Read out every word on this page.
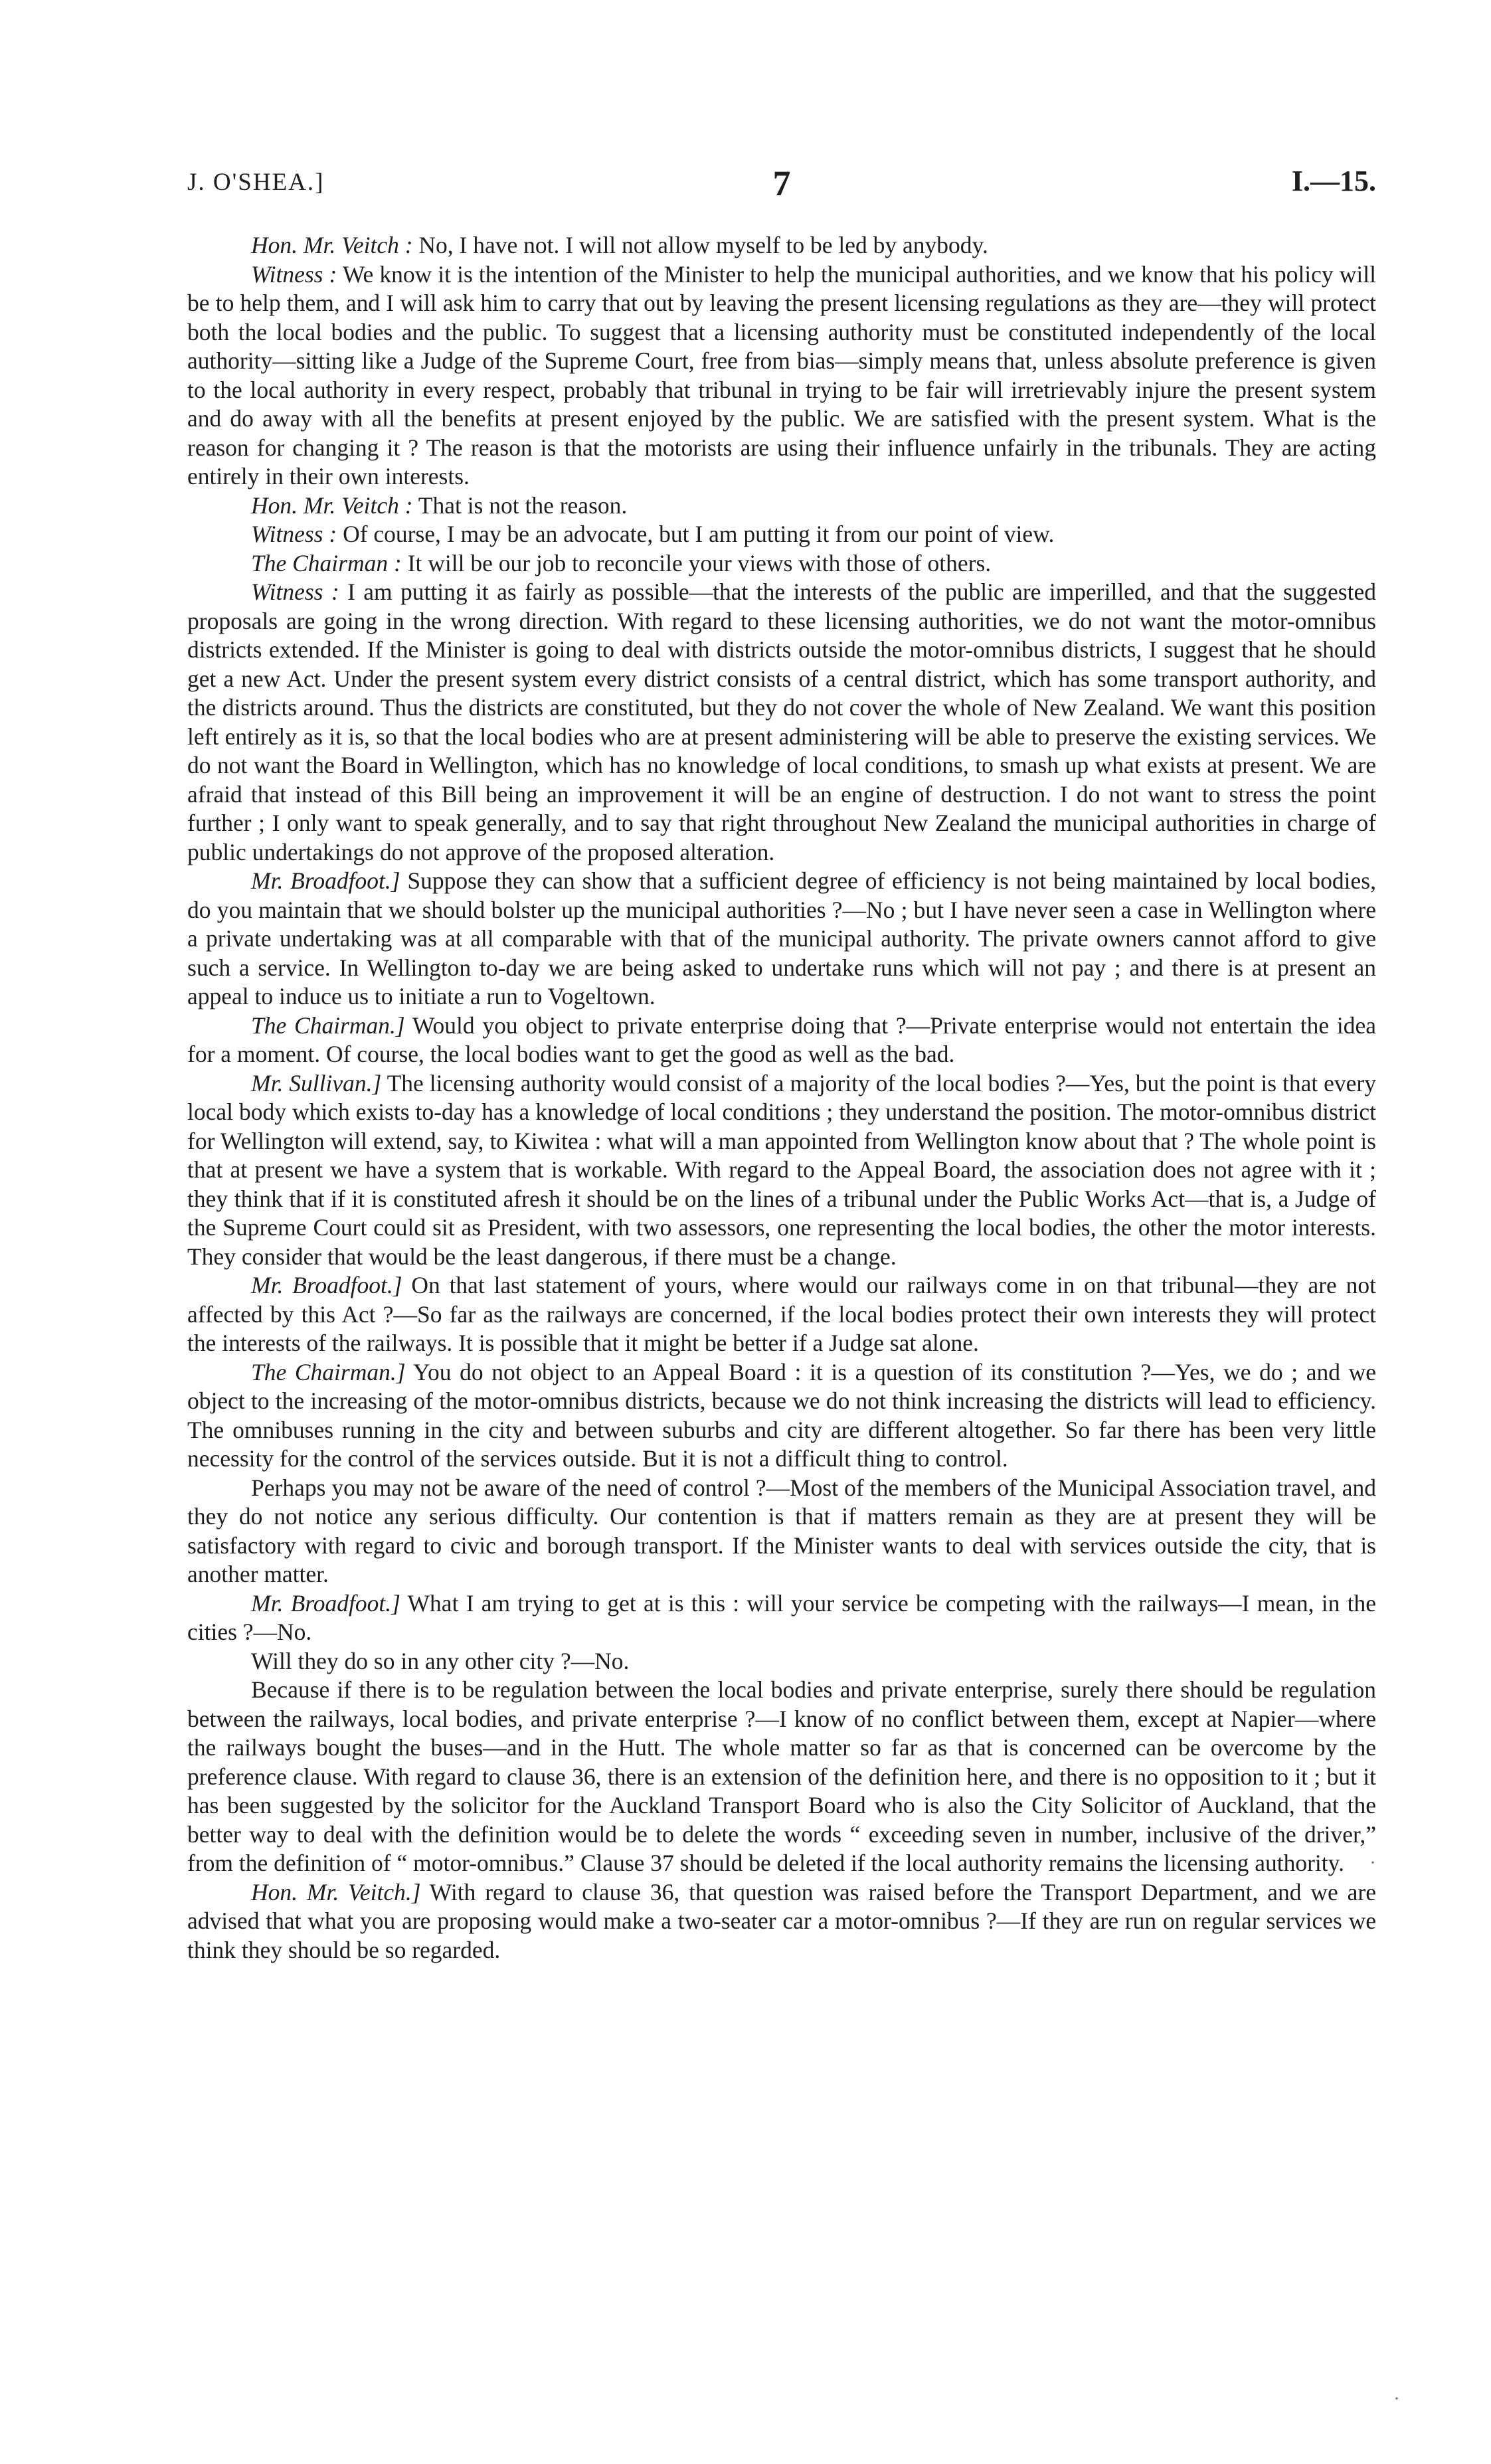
J. O'SHEA.]	7	I.—15.

Hon. Mr. Veitch : No, I have not. I will not allow myself to be led by anybody.

Witness : We know it is the intention of the Minister to help the municipal authorities, and we know that his policy will be to help them, and I will ask him to carry that out by leaving the present licensing regulations as they are—they will protect both the local bodies and the public. To suggest that a licensing authority must be constituted independently of the local authority—sitting like a Judge of the Supreme Court, free from bias—simply means that, unless absolute preference is given to the local authority in every respect, probably that tribunal in trying to be fair will irretrievably injure the present system and do away with all the benefits at present enjoyed by the public. We are satisfied with the present system. What is the reason for changing it ? The reason is that the motorists are using their influence unfairly in the tribunals. They are acting entirely in their own interests.

Hon. Mr. Veitch : That is not the reason.

Witness : Of course, I may be an advocate, but I am putting it from our point of view.

The Chairman : It will be our job to reconcile your views with those of others.

Witness : I am putting it as fairly as possible—that the interests of the public are imperilled, and that the suggested proposals are going in the wrong direction. With regard to these licensing authorities, we do not want the motor-omnibus districts extended. If the Minister is going to deal with districts outside the motor-omnibus districts, I suggest that he should get a new Act. Under the present system every district consists of a central district, which has some transport authority, and the districts around. Thus the districts are constituted, but they do not cover the whole of New Zealand. We want this position left entirely as it is, so that the local bodies who are at present administering will be able to preserve the existing services. We do not want the Board in Wellington, which has no knowledge of local conditions, to smash up what exists at present. We are afraid that instead of this Bill being an improvement it will be an engine of destruction. I do not want to stress the point further ; I only want to speak generally, and to say that right throughout New Zealand the municipal authorities in charge of public undertakings do not approve of the proposed alteration.

Mr. Broadfoot.] Suppose they can show that a sufficient degree of efficiency is not being maintained by local bodies, do you maintain that we should bolster up the municipal authorities ?—No ; but I have never seen a case in Wellington where a private undertaking was at all comparable with that of the municipal authority. The private owners cannot afford to give such a service. In Wellington to-day we are being asked to undertake runs which will not pay ; and there is at present an appeal to induce us to initiate a run to Vogeltown.

The Chairman.] Would you object to private enterprise doing that ?—Private enterprise would not entertain the idea for a moment. Of course, the local bodies want to get the good as well as the bad.

Mr. Sullivan.] The licensing authority would consist of a majority of the local bodies ?—Yes, but the point is that every local body which exists to-day has a knowledge of local conditions ; they understand the position. The motor-omnibus district for Wellington will extend, say, to Kiwitea : what will a man appointed from Wellington know about that ? The whole point is that at present we have a system that is workable. With regard to the Appeal Board, the association does not agree with it ; they think that if it is constituted afresh it should be on the lines of a tribunal under the Public Works Act—that is, a Judge of the Supreme Court could sit as President, with two assessors, one representing the local bodies, the other the motor interests. They consider that would be the least dangerous, if there must be a change.

Mr. Broadfoot.] On that last statement of yours, where would our railways come in on that tribunal—they are not affected by this Act ?—So far as the railways are concerned, if the local bodies protect their own interests they will protect the interests of the railways. It is possible that it might be better if a Judge sat alone.

The Chairman.] You do not object to an Appeal Board : it is a question of its constitution ?—Yes, we do ; and we object to the increasing of the motor-omnibus districts, because we do not think increasing the districts will lead to efficiency. The omnibuses running in the city and between suburbs and city are different altogether. So far there has been very little necessity for the control of the services outside. But it is not a difficult thing to control.

Perhaps you may not be aware of the need of control ?—Most of the members of the Municipal Association travel, and they do not notice any serious difficulty. Our contention is that if matters remain as they are at present they will be satisfactory with regard to civic and borough transport. If the Minister wants to deal with services outside the city, that is another matter.

Mr. Broadfoot.] What I am trying to get at is this : will your service be competing with the railways—I mean, in the cities ?—No.

Will they do so in any other city ?—No.

Because if there is to be regulation between the local bodies and private enterprise, surely there should be regulation between the railways, local bodies, and private enterprise ?—I know of no conflict between them, except at Napier—where the railways bought the buses—and in the Hutt. The whole matter so far as that is concerned can be overcome by the preference clause. With regard to clause 36, there is an extension of the definition here, and there is no opposition to it ; but it has been suggested by the solicitor for the Auckland Transport Board who is also the City Solicitor of Auckland, that the better way to deal with the definition would be to delete the words “ exceeding seven in number, inclusive of the driver,” from the definition of “ motor-omnibus.” Clause 37 should be deleted if the local authority remains the licensing authority.

Hon. Mr. Veitch.] With regard to clause 36, that question was raised before the Transport Department, and we are advised that what you are proposing would make a two-seater car a motor-omnibus ?—If they are run on regular services we think they should be so regarded.

·
·
